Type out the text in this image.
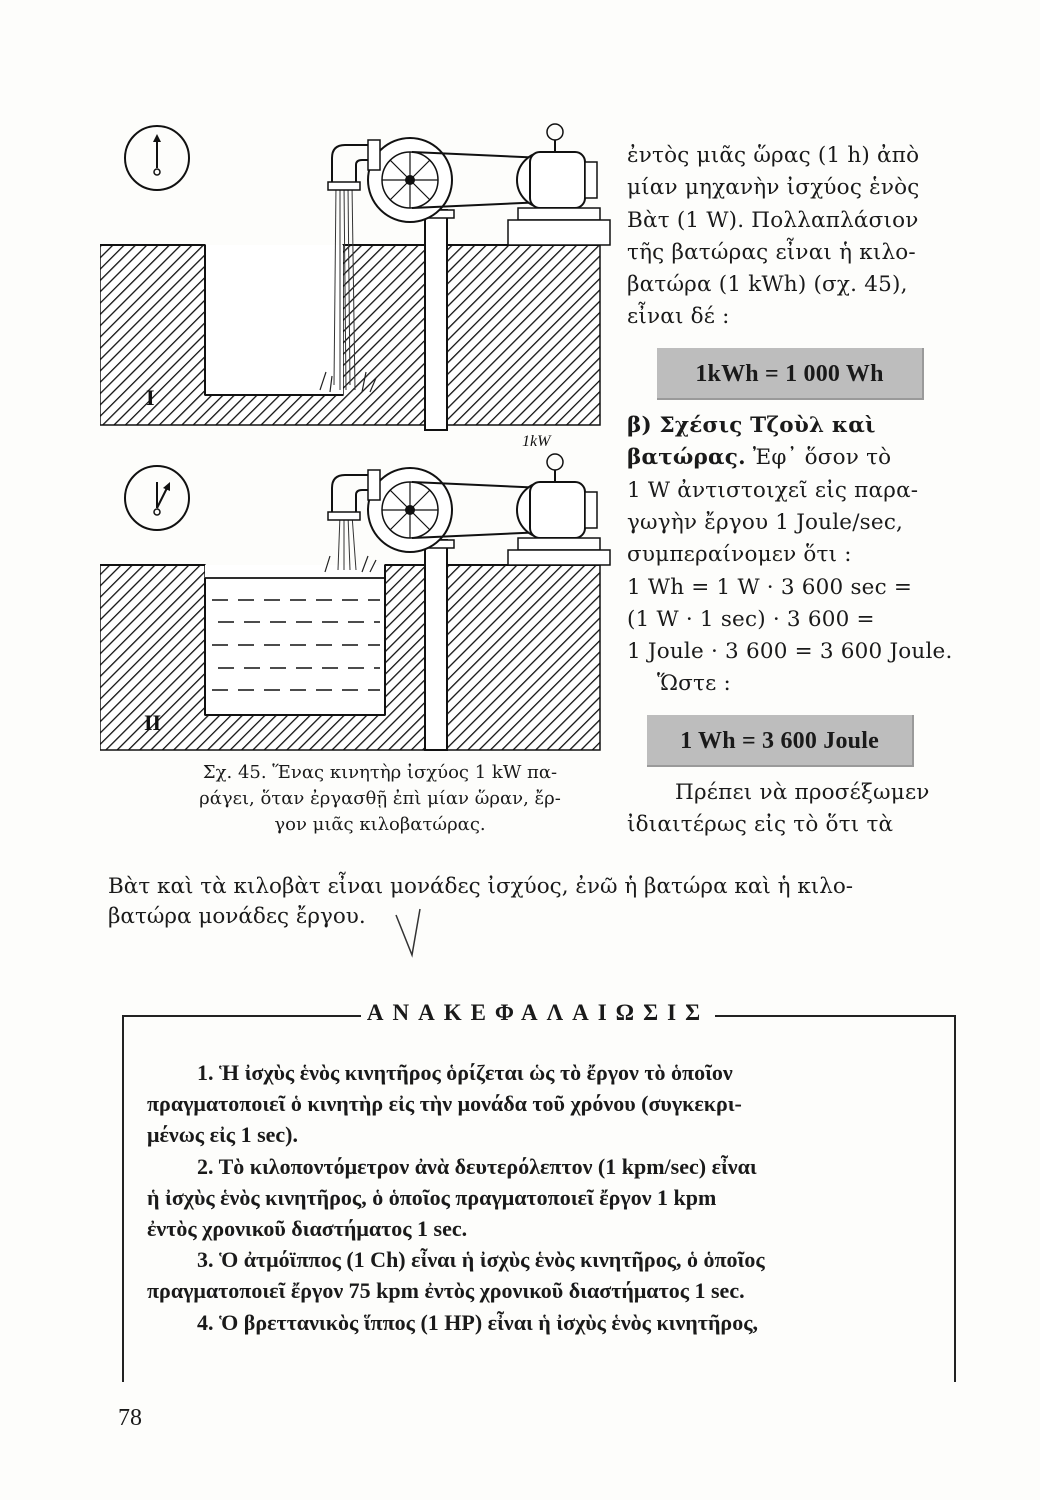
I
1kW
II

ἐντὸς μιᾶς ὥρας (1 h) ἀπὸ

μίαν μηχανὴν ἰσχύος ἑνὸς

Βὰτ (1 W). Πολλαπλάσιον

τῆς βατώρας εἶναι ἡ κιλο-

βατώρα (1 kWh) (σχ. 45),

εἶναι δέ :

1kWh = 1 000 Wh

β) Σχέσις Τζοὺλ καὶ

βατώρας. Ἐφ᾽ ὅσον τὸ

1 W ἀντιστοιχεῖ εἰς παρα-

γωγὴν ἔργου 1 Joule/sec,

συμπεραίνομεν ὅτι :

1 Wh = 1 W · 3 600 sec =

(1 W · 1 sec) · 3 600 =

1 Joule · 3 600 = 3 600 Joule.

Ὥστε :

1 Wh = 3 600 Joule

Πρέπει νὰ προσέξωμεν

ἰδιαιτέρως εἰς τὸ ὅτι τὰ

Σχ. 45. Ἕνας κινητὴρ ἰσχύος 1 kW πα-
ράγει, ὅταν ἐργασθῇ ἐπὶ μίαν ὥραν, ἔρ-
γον μιᾶς κιλοβατώρας.
Βὰτ καὶ τὰ κιλοβὰτ εἶναι μονάδες ἰσχύος, ἐνῶ ἡ βατώρα καὶ ἡ κιλο-
βατώρα μονάδες ἔργου.
ΑΝΑΚΕΦΑΛΑΙΩΣΙΣ

1. Ἡ ἰσχὺς ἑνὸς κινητῆρος ὁρίζεται ὡς τὸ ἔργον τὸ ὁποῖον

πραγματοποιεῖ ὁ κινητὴρ εἰς τὴν μονάδα τοῦ χρόνου (συγκεκρι-

μένως εἰς 1 sec).

2. Τὸ κιλοποντόμετρον ἀνὰ δευτερόλεπτον (1 kpm/sec) εἶναι

ἡ ἰσχὺς ἑνὸς κινητῆρος, ὁ ὁποῖος πραγματοποιεῖ ἔργον 1 kpm

ἐντὸς χρονικοῦ διαστήματος 1 sec.

3. Ὁ ἀτμόϊππος (1 Ch) εἶναι ἡ ἰσχὺς ἑνὸς κινητῆρος, ὁ ὁποῖος

πραγματοποιεῖ ἔργον 75 kpm ἐντὸς χρονικοῦ διαστήματος 1 sec.

4. Ὁ βρεττανικὸς ἵππος (1 HP) εἶναι ἡ ἰσχὺς ἑνὸς κινητῆρος,

78
